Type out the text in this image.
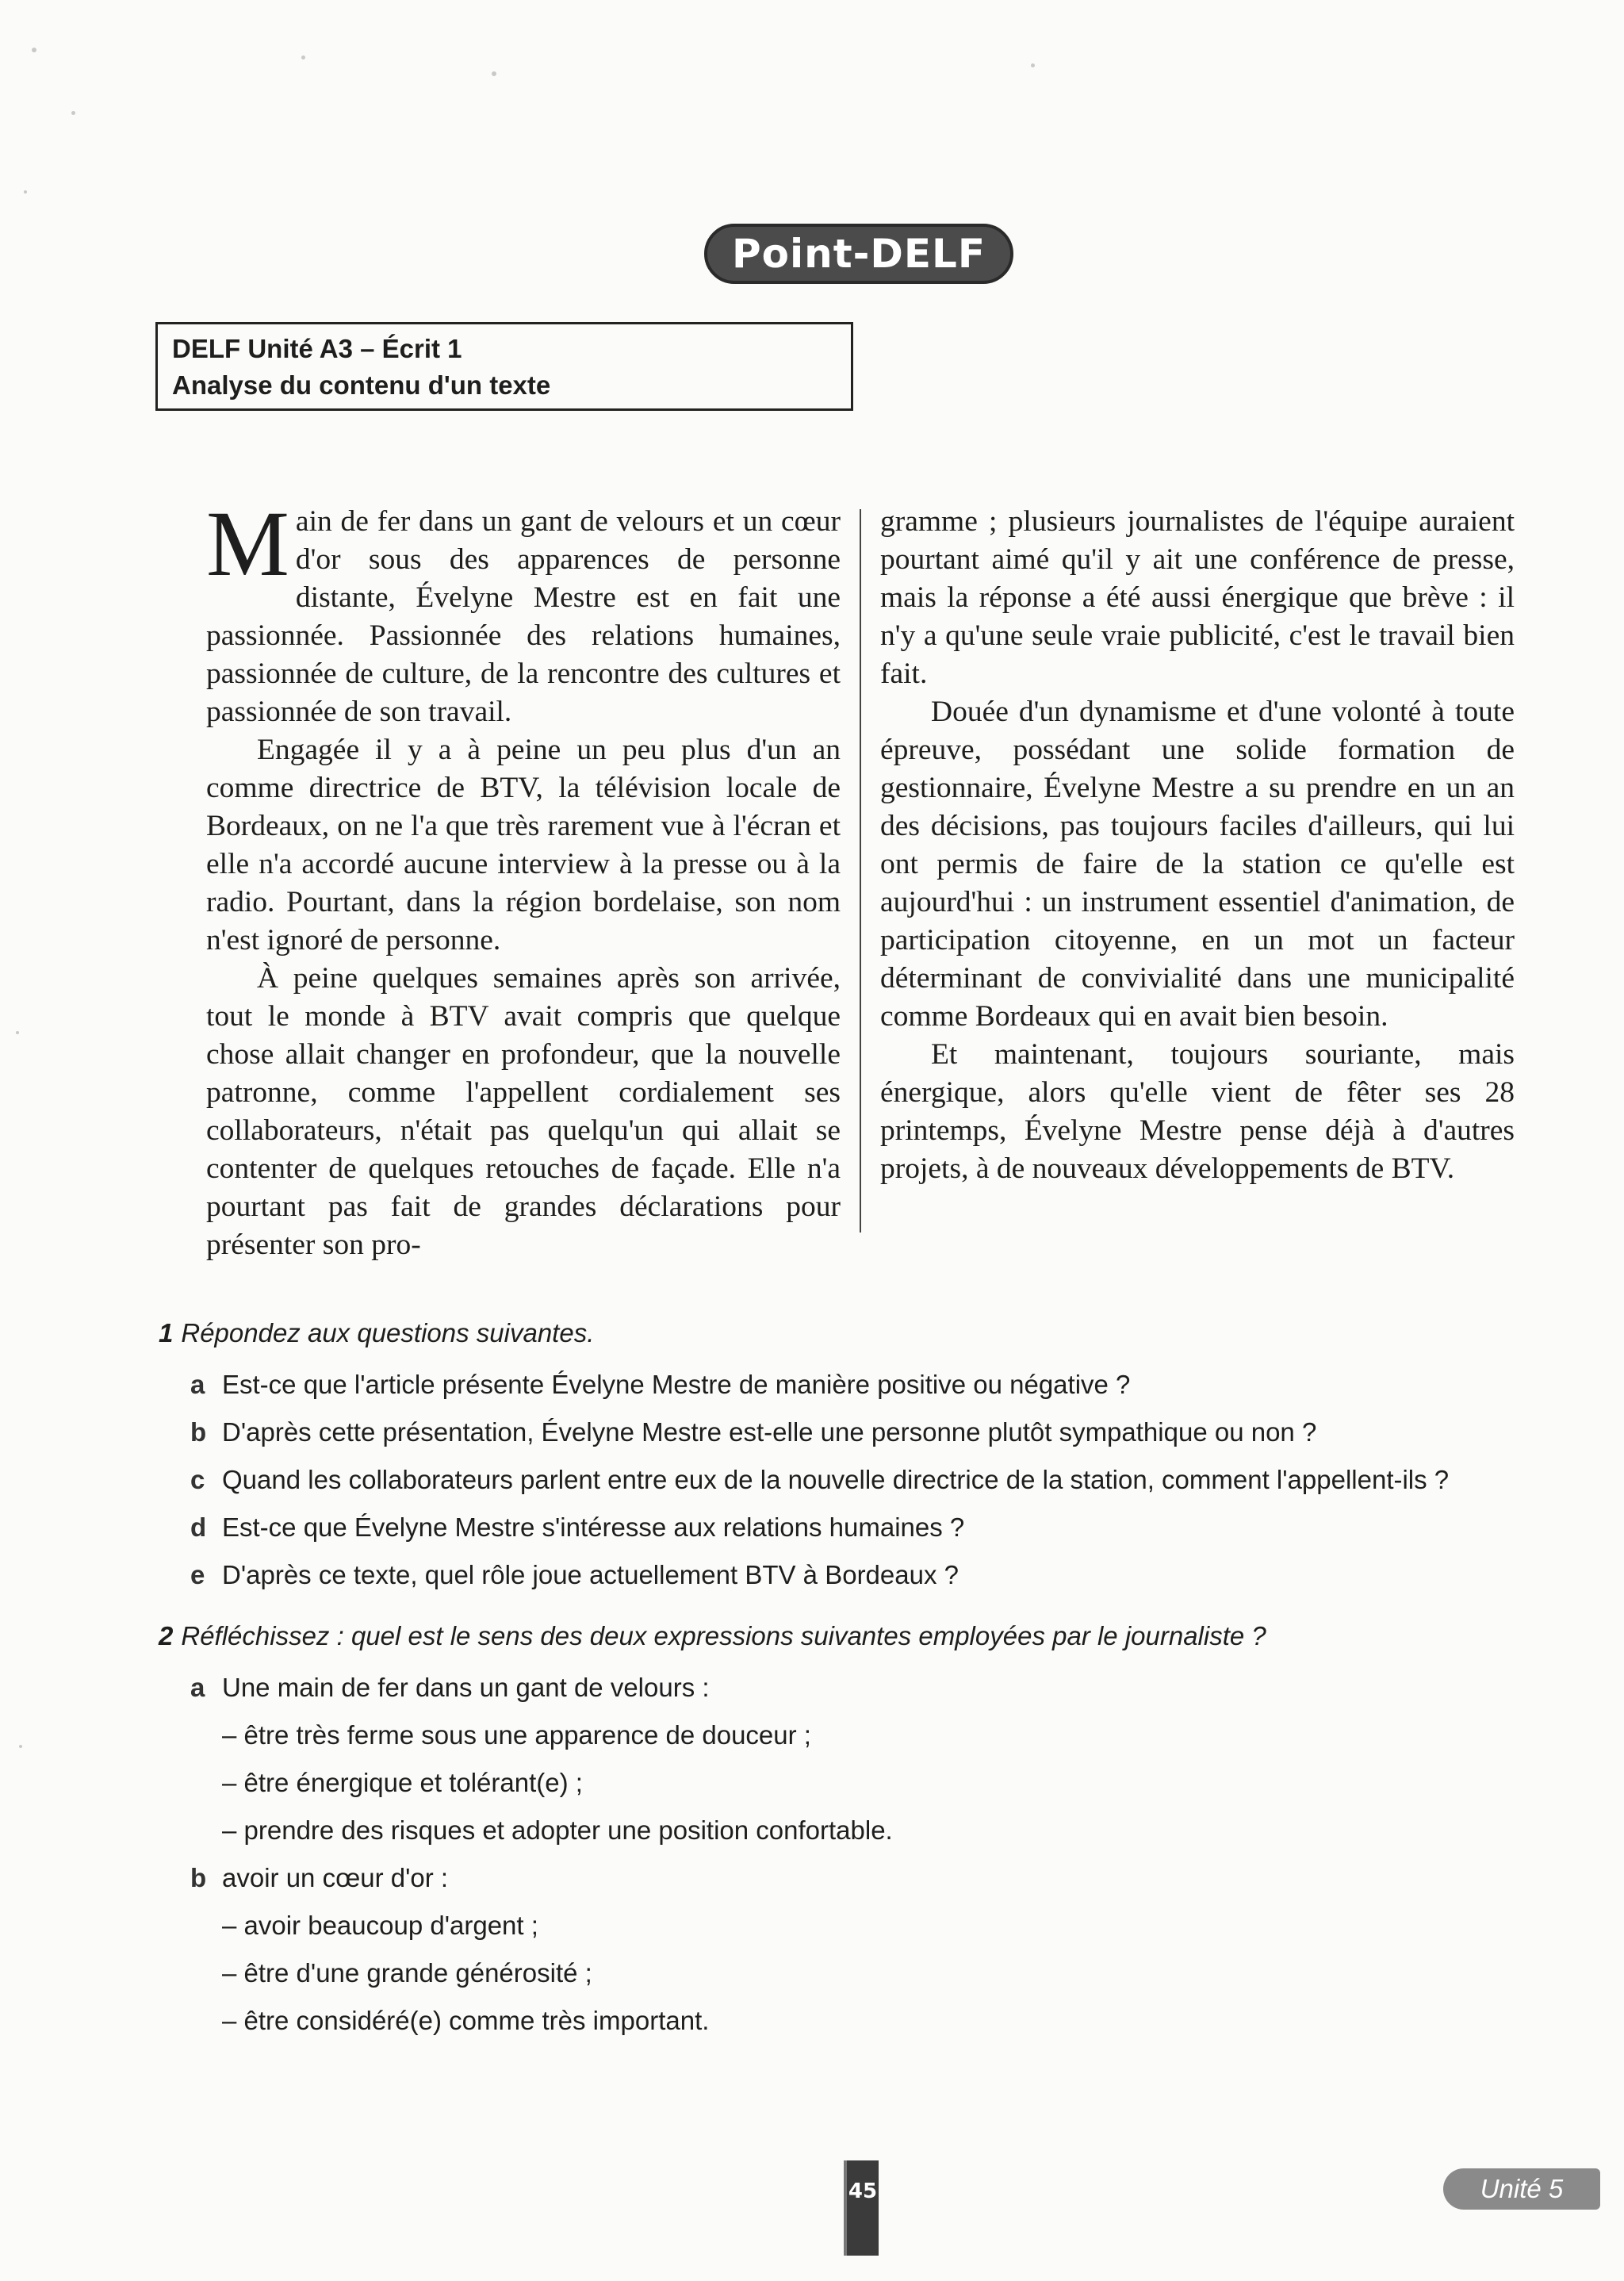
Point-DELF
DELF Unité A3 – Écrit 1
Analyse du contenu d'un texte

Main de fer dans un gant de velours et un cœur d'or sous des apparences de personne distante, Évelyne Mestre est en fait une passionnée. Passionnée des relations humaines, passionnée de culture, de la rencontre des cultures et passionnée de son travail.

Engagée il y a à peine un peu plus d'un an comme directrice de BTV, la télévision locale de Bordeaux, on ne l'a que très rarement vue à l'écran et elle n'a accordé aucune interview à la presse ou à la radio. Pourtant, dans la région bordelaise, son nom n'est ignoré de personne.

À peine quelques semaines après son arrivée, tout le monde à BTV avait compris que quelque chose allait changer en profondeur, que la nouvelle patronne, comme l'appellent cordialement ses collaborateurs, n'était pas quelqu'un qui allait se contenter de quelques retouches de façade. Elle n'a pourtant pas fait de grandes déclarations pour présenter son pro-

gramme ; plusieurs journalistes de l'équipe auraient pourtant aimé qu'il y ait une conférence de presse, mais la réponse a été aussi énergique que brève : il n'y a qu'une seule vraie publicité, c'est le travail bien fait.

Douée d'un dynamisme et d'une volonté à toute épreuve, possédant une solide formation de gestionnaire, Évelyne Mestre a su prendre en un an des décisions, pas toujours faciles d'ailleurs, qui lui ont permis de faire de la station ce qu'elle est aujourd'hui : un instrument essentiel d'animation, de participation citoyenne, en un mot un facteur déterminant de convivialité dans une municipalité comme Bordeaux qui en avait bien besoin.

Et maintenant, toujours souriante, mais énergique, alors qu'elle vient de fêter ses 28 printemps, Évelyne Mestre pense déjà à d'autres projets, à de nouveaux développements de BTV.

1 Répondez aux questions suivantes.
a Est-ce que l'article présente Évelyne Mestre de manière positive ou négative ?
b D'après cette présentation, Évelyne Mestre est-elle une personne plutôt sympathique ou non ?
c Quand les collaborateurs parlent entre eux de la nouvelle directrice de la station, comment l'appellent-ils ?
d Est-ce que Évelyne Mestre s'intéresse aux relations humaines ?
e D'après ce texte, quel rôle joue actuellement BTV à Bordeaux ?
2 Réfléchissez : quel est le sens des deux expressions suivantes employées par le journaliste ?
a Une main de fer dans un gant de velours :
– être très ferme sous une apparence de douceur ;
– être énergique et tolérant(e) ;
– prendre des risques et adopter une position confortable.
b avoir un cœur d'or :
– avoir beaucoup d'argent ;
– être d'une grande générosité ;
– être considéré(e) comme très important.
45	Unité 5
